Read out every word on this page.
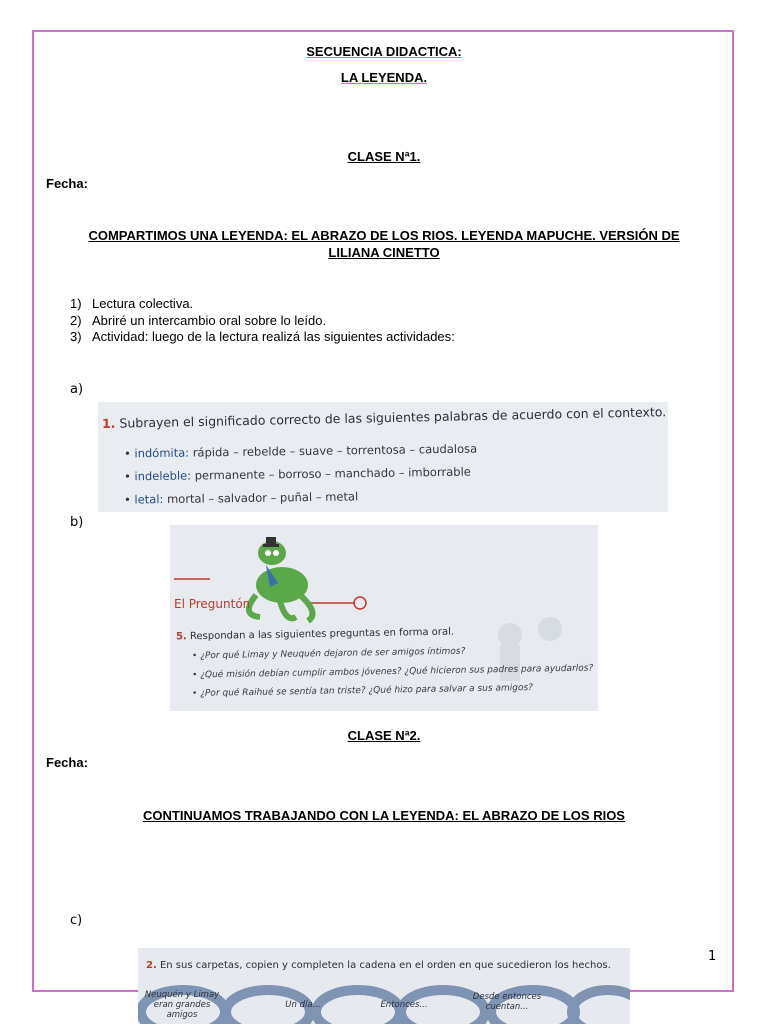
SECUENCIA DIDACTICA:
LA LEYENDA.
CLASE Nª1.
Fecha:
COMPARTIMOS UNA LEYENDA: EL ABRAZO DE LOS RIOS. LEYENDA MAPUCHE. VERSIÓN DE
LILIANA CINETTO
1) Lectura colectiva.
2) Abriré un intercambio oral sobre lo leído.
3) Actividad: luego de la lectura realizá las siguientes actividades:
a)
1. Subrayen el significado correcto de las siguientes palabras de acuerdo con el contexto.
• indómita: rápida – rebelde – suave – torrentosa – caudalosa
• indeleble: permanente – borroso – manchado – imborrable
• letal: mortal – salvador – puñal – metal
b)
El Preguntón
5. Respondan a las siguientes preguntas en forma oral.
• ¿Por qué Limay y Neuquén dejaron de ser amigos íntimos?
• ¿Qué misión debían cumplir ambos jóvenes? ¿Qué hicieron sus padres para ayudarlos?
• ¿Por qué Raihué se sentía tan triste? ¿Qué hizo para salvar a sus amigos?
CLASE Nª2.
Fecha:
CONTINUAMOS TRABAJANDO CON LA LEYENDA: EL ABRAZO DE LOS RIOS
c)
2. En sus carpetas, copien y completen la cadena en el orden en que sucedieron los hechos.
Neuquén y Limay eran grandes amigos
Un día...	Entonces...
Desde entonces cuentan...
1
